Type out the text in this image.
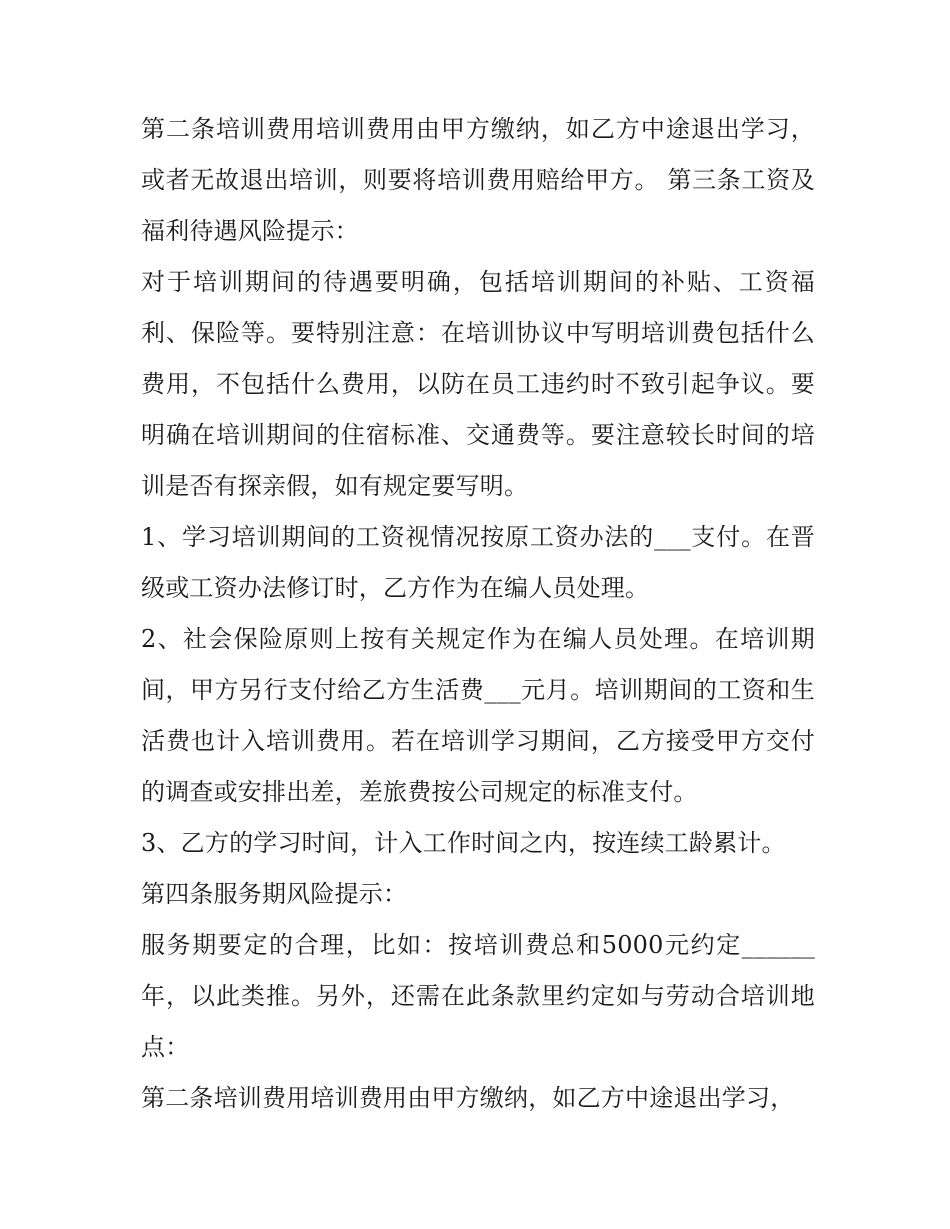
第二条培训费用培训费用由甲方缴纳，如乙方中途退出学习，或者无故退出培训，则要将培训费用赔给甲方。 第三条工资及福利待遇风险提示：

对于培训期间的待遇要明确，包括培训期间的补贴、工资福利、保险等。要特别注意：在培训协议中写明培训费包括什么费用，不包括什么费用，以防在员工违约时不致引起争议。要明确在培训期间的住宿标准、交通费等。要注意较长时间的培训是否有探亲假，如有规定要写明。

1、学习培训期间的工资视情况按原工资办法的___支付。在晋级或工资办法修订时，乙方作为在编人员处理。

2、社会保险原则上按有关规定作为在编人员处理。在培训期间，甲方另行支付给乙方生活费___元月。培训期间的工资和生活费也计入培训费用。若在培训学习期间，乙方接受甲方交付的调查或安排出差，差旅费按公司规定的标准支付。

3、乙方的学习时间，计入工作时间之内，按连续工龄累计。

第四条服务期风险提示：

服务期要定的合理，比如：按培训费总和5000元约定______年，以此类推。另外，还需在此条款里约定如与劳动合培训地点：

第二条培训费用培训费用由甲方缴纳，如乙方中途退出学习，
